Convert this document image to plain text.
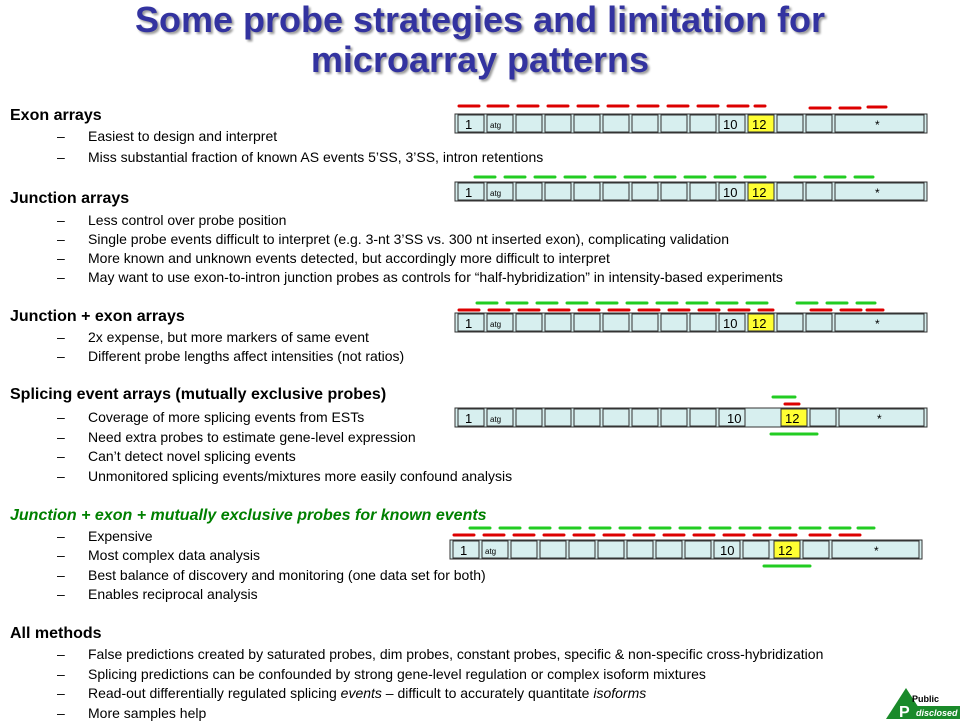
Some probe strategies and limitation for
microarray patterns
Exon arrays
–	Easiest to design and interpret
–	Miss substantial fraction of known AS events 5’SS, 3’SS, intron retentions
Junction arrays
–	Less control over probe position
–	Single probe events difficult to interpret (e.g. 3-nt 3’SS vs. 300 nt inserted exon), complicating validation
–	More known and unknown events detected, but accordingly more difficult to interpret
–	May want to use exon-to-intron junction probes as controls for “half-hybridization” in intensity-based experiments
Junction + exon arrays
–	2x expense, but more markers of same event
–	Different probe lengths affect intensities (not ratios)
Splicing event arrays (mutually exclusive probes)
–	Coverage of more splicing events from ESTs
–	Need extra probes to estimate gene-level expression
–	Can’t detect novel splicing events
–	Unmonitored splicing events/mixtures more easily confound analysis
Junction + exon + mutually exclusive probes for known events
–	Expensive
–	Most complex data analysis
–	Best balance of discovery and monitoring (one data set for both)
–	Enables reciprocal analysis
All methods
–	False predictions created by saturated probes, dim probes, constant probes, specific & non-specific cross-hybridization
–	Splicing predictions can be confounded by strong gene-level regulation or complex isoform mixtures
–	Read-out differentially regulated splicing events – difficult to accurately quantitate isoforms
–	More samples help
1 atg	10 12	*
1 atg	10 12	*
1 atg	10 12	*
1 atg	10	12	*
1 atg	10	12	*
P
Public
disclosed
